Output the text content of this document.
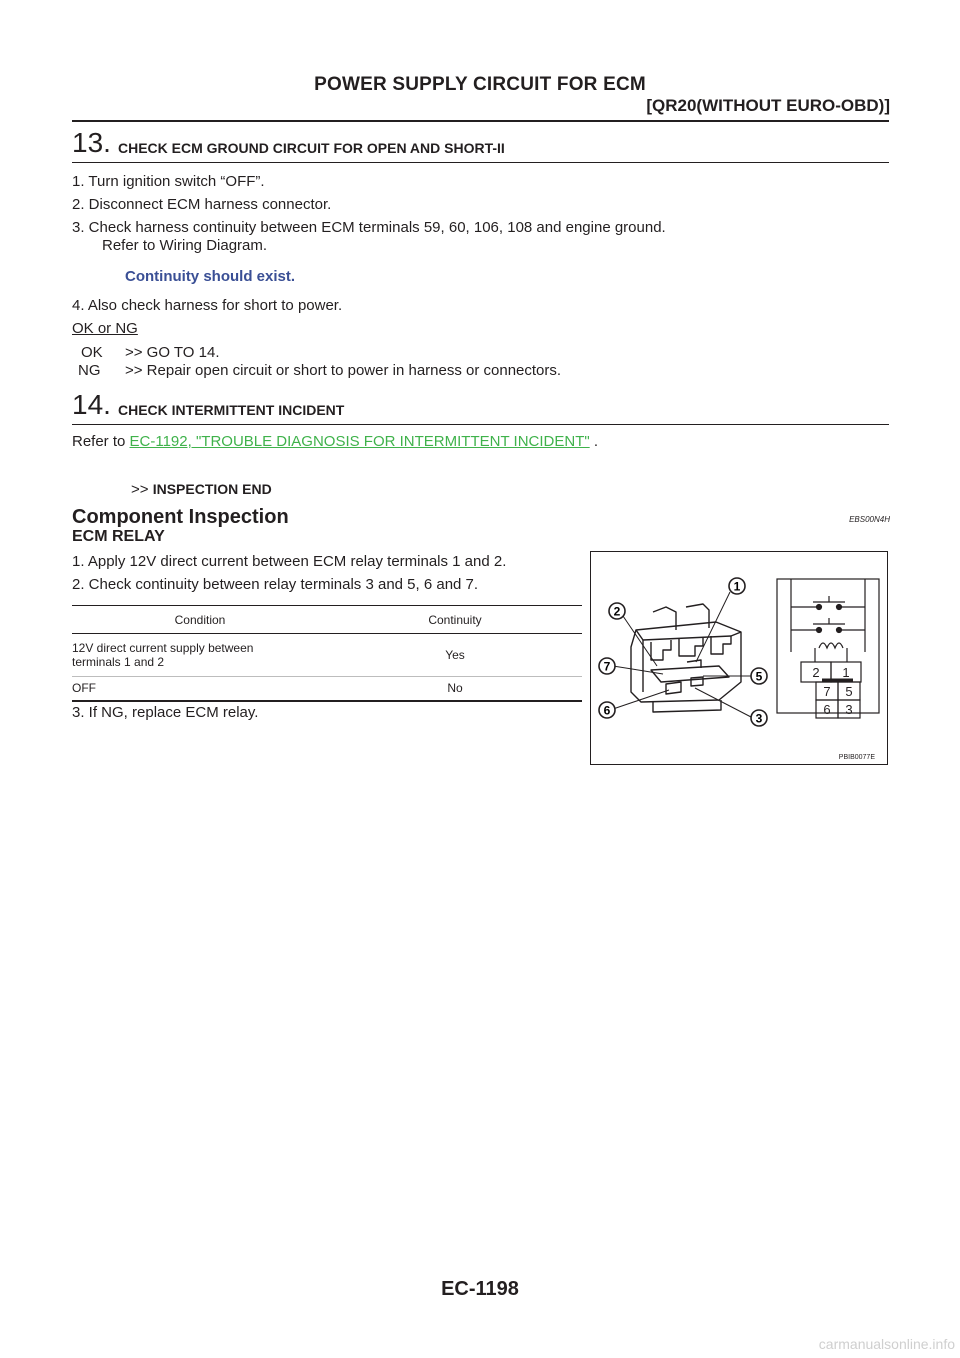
POWER SUPPLY CIRCUIT FOR ECM
[QR20(WITHOUT EURO-OBD)]
13. CHECK ECM GROUND CIRCUIT FOR OPEN AND SHORT-II
1. Turn ignition switch “OFF”.
2. Disconnect ECM harness connector.
3. Check harness continuity between ECM terminals 59, 60, 106, 108 and engine ground.
Refer to Wiring Diagram.
Continuity should exist.
4. Also check harness for short to power.
OK or NG
OK >> GO TO 14.
NG >> Repair open circuit or short to power in harness or connectors.
14. CHECK INTERMITTENT INCIDENT
Refer to EC-1192, "TROUBLE DIAGNOSIS FOR INTERMITTENT INCIDENT" .
>> INSPECTION END
Component Inspection	EBS00N4H
ECM RELAY
1. Apply 12V direct current between ECM relay terminals 1 and 2.
2. Check continuity between relay terminals 3 and 5, 6 and 7.
Condition	Continuity
12V direct current supply between
terminals 1 and 2	Yes
OFF	No
3. If NG, replace ECM relay.
1
2
7
5
6
3
2 1
7 5
6 3
PBIB0077E
EC-1198
carmanualsonline.info
